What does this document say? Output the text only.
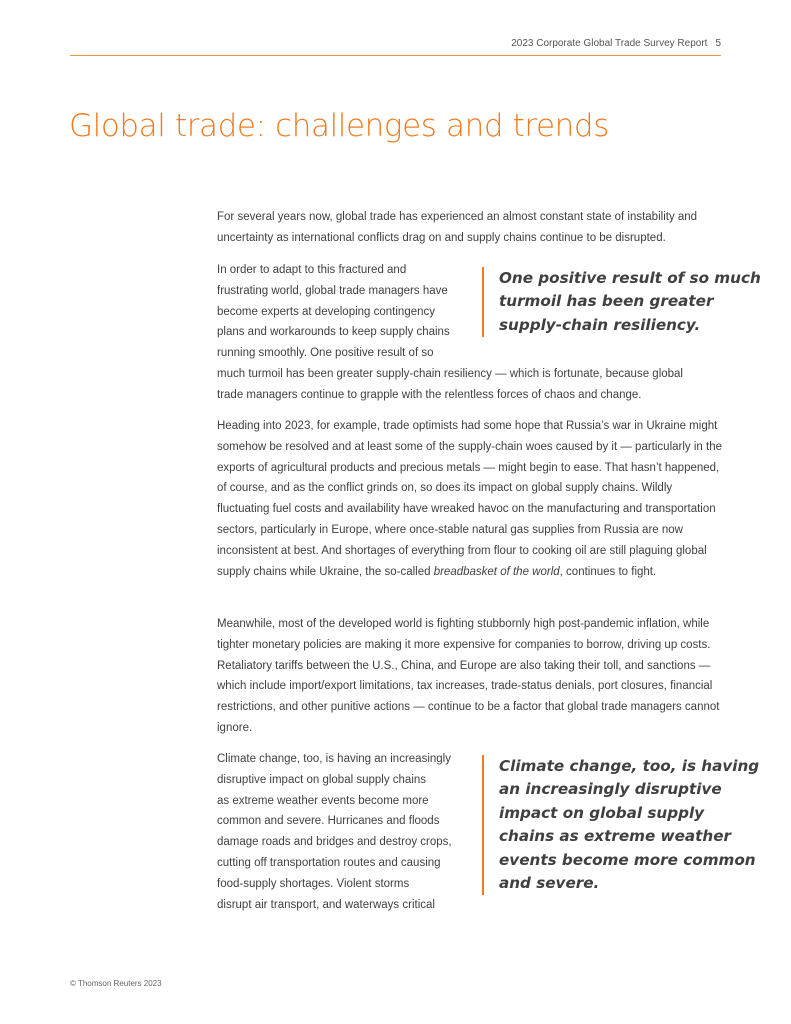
2023 Corporate Global Trade Survey Report 5
Global trade: challenges and trends

For several years now, global trade has experienced an almost constant state of instability and uncertainty as international conflicts drag on and supply chains continue to be disrupted.

In order to adapt to this fractured and
frustrating world, global trade managers have
become experts at developing contingency
plans and workarounds to keep supply chains
running smoothly. One positive result of so
much turmoil has been greater supply-chain resiliency — which is fortunate, because global
trade managers continue to grapple with the relentless forces of chaos and change.

One positive result of so much
turmoil has been greater
supply-chain resiliency.

Heading into 2023, for example, trade optimists had some hope that Russia’s war in Ukraine might somehow be resolved and at least some of the supply-chain woes caused by it — particularly in the exports of agricultural products and precious metals — might begin to ease. That hasn’t happened, of course, and as the conflict grinds on, so does its impact on global supply chains. Wildly fluctuating fuel costs and availability have wreaked havoc on the manufacturing and transportation sectors, particularly in Europe, where once-stable natural gas supplies from Russia are now inconsistent at best. And shortages of everything from flour to cooking oil are still plaguing global supply chains while Ukraine, the so-called breadbasket of the world, continues to fight.

Meanwhile, most of the developed world is fighting stubbornly high post-pandemic inflation, while tighter monetary policies are making it more expensive for companies to borrow, driving up costs. Retaliatory tariffs between the U.S., China, and Europe are also taking their toll, and sanctions — which include import/export limitations, tax increases, trade-status denials, port closures, financial restrictions, and other punitive actions — continue to be a factor that global trade managers cannot ignore.

Climate change, too, is having an increasingly
disruptive impact on global supply chains
as extreme weather events become more
common and severe. Hurricanes and floods
damage roads and bridges and destroy crops,
cutting off transportation routes and causing
food-supply shortages. Violent storms
disrupt air transport, and waterways critical

Climate change, too, is having
an increasingly disruptive
impact on global supply
chains as extreme weather
events become more common
and severe.
© Thomson Reuters 2023
